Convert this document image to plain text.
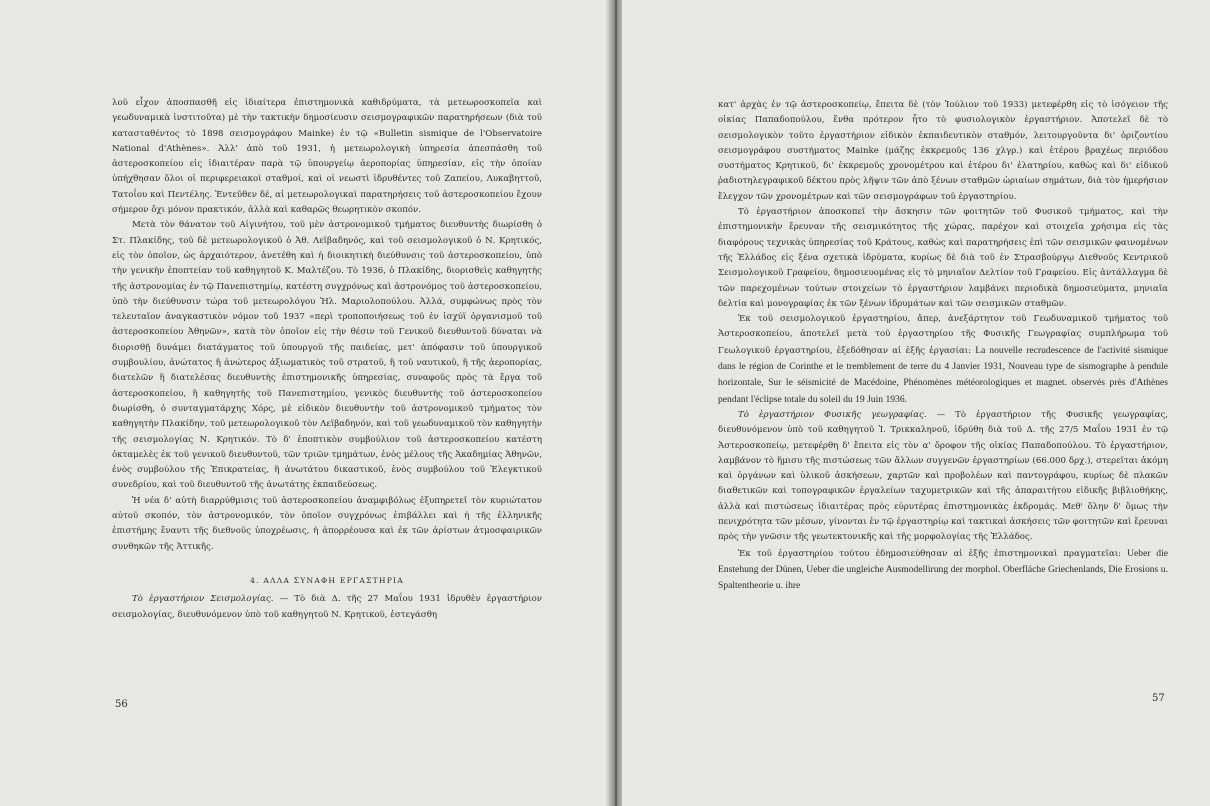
λοῦ εἶχον ἀποσπασθῆ εἰς ἰδιαίτερα ἐπιστημονικὰ καθιδρύματα, τὰ μετεωροσκοπεῖα καὶ γεωδυναμικὰ ἰνστιτοῦτα) μὲ τὴν τακτικὴν δημοσίευσιν σεισμογραφικῶν παρατηρήσεων (διὰ τοῦ κατασταθέντος τὸ 1898 σεισμογράφου Mainke) ἐν τῷ «Bulletin sismique de l'Observatoire National d'Athènes». Ἀλλ' ἀπὸ τοῦ 1931, ἡ μετεωρολογικὴ ὑπηρεσία ἀπεσπάσθη τοῦ ἀστεροσκοπείου εἰς ἰδιαιτέραν παρὰ τῷ ὑπουργείῳ ἀεροπορίας ὑπηρεσίαν, εἰς τὴν ὁποίαν ὑπήχθησαν ὅλοι οἱ περιφερειακοὶ σταθμοί, καὶ οἱ νεωστὶ ἱδρυθέντες τοῦ Ζαπείου, Λυκαβηττοῦ, Τατοΐου καὶ Πεντέλης. Ἐντεῦθεν δέ, αἱ μετεωρολογικαὶ παρατηρήσεις τοῦ ἀστεροσκοπείου ἔχουν σήμερον ὄχι μόνον πρακτικόν, ἀλλὰ καὶ καθαρῶς θεωρητικὸν σκοπόν.

Μετὰ τὸν θάνατον τοῦ Αἰγινήτου, τοῦ μὲν ἀστρονομικοῦ τμήματος διευθυντὴς διωρίσθη ὁ Στ. Πλακίδης, τοῦ δὲ μετεωρολογικοῦ ὁ Ἀθ. Λεϊβαδηνός, καὶ τοῦ σεισμολογικοῦ ὁ Ν. Κρητικός, εἰς τὸν ὁποῖον, ὡς ἀρχαιότερον, ἀνετέθη καὶ ἡ διοικητικὴ διεύθυνσις τοῦ ἀστεροσκοπείου, ὑπὸ τὴν γενικὴν ἐποπτείαν τοῦ καθηγητοῦ Κ. Μαλτέζου. Τὸ 1936, ὁ Πλακίδης, διορισθεὶς καθηγητὴς τῆς ἀστρονομίας ἐν τῷ Πανεπιστημίῳ, κατέστη συγχρόνως καὶ ἀστρονόμος τοῦ ἀστεροσκοπείου, ὑπὸ τὴν διεύθυνσιν τώρα τοῦ μετεωρολόγου Ἠλ. Μαριολοπούλου. Ἀλλά, συμφώνως πρὸς τὸν τελευταῖον ἀναγκαστικὸν νόμον τοῦ 1937 «περὶ τροποποιήσεως τοῦ ἐν ἰσχύϊ ὀργανισμοῦ τοῦ ἀστεροσκοπείου Ἀθηνῶν», κατὰ τὸν ὁποῖον εἰς τὴν θέσιν τοῦ Γενικοῦ διευθυντοῦ δύναται νὰ διορισθῇ δυνάμει διατάγματος τοῦ ὑπουργοῦ τῆς παιδείας, μετ' ἀπόφασιν τοῦ ὑπουργικοῦ συμβουλίου, ἀνώτατος ἢ ἀνώτερος ἀξιωματικὸς τοῦ στρατοῦ, ἢ τοῦ ναυτικοῦ, ἢ τῆς ἀεροπορίας, διατελῶν ἢ διατελέσας διευθυντὴς ἐπιστημονικῆς ὑπηρεσίας, συναφοῦς πρὸς τὰ ἔργα τοῦ ἀστεροσκοπείου, ἢ καθηγητὴς τοῦ Πανεπιστημίου, γενικὸς διευθυντὴς τοῦ ἀστεροσκοπείου διωρίσθη, ὁ συνταγματάρχης Χόρς, μὲ εἰδικὸν διευθυντὴν τοῦ ἀστρονομικοῦ τμήματος τὸν καθηγητὴν Πλακίδην, τοῦ μετεωρολογικοῦ τὸν Λεϊβαδηνόν, καὶ τοῦ γεωδυναμικοῦ τὸν καθηγητὴν τῆς σεισμολογίας Ν. Κρητικόν. Τὸ δ' ἐποπτικὸν συμβούλιον τοῦ ἀστεροσκοπείου κατέστη ὀκταμελὲς ἐκ τοῦ γενικοῦ διευθυντοῦ, τῶν τριῶν τμημάτων, ἑνὸς μέλους τῆς Ἀκαδημίας Ἀθηνῶν, ἑνὸς συμβούλου τῆς Ἐπικρατείας, ἢ ἀνωτάτου δικαστικοῦ, ἑνὸς συμβούλου τοῦ Ἐλεγκτικοῦ συνεδρίου, καὶ τοῦ διευθυντοῦ τῆς ἀνωτάτης ἐκπαιδεύσεως.

Ἡ νέα δ' αὐτὴ διαρρύθμισις τοῦ ἀστεροσκοπείου ἀναμφιβόλως ἐξυπηρετεῖ τὸν κυριώτατον αὐτοῦ σκοπόν, τὸν ἀστρονομικόν, τὸν ὁποῖον συγχρόνως ἐπιβάλλει καὶ ἡ τῆς ἑλληνικῆς ἐπιστήμης ἔναντι τῆς διεθνοῦς ὑποχρέωσις, ἡ ἀπορρέουσα καὶ ἐκ τῶν ἀρίστων ἀτμοσφαιρικῶν συνθηκῶν τῆς Ἀττικῆς.

4. ΑΛΛΑ ΣΥΝΑΦΗ ΕΡΓΑΣΤΗΡΙΑ

Τὸ ἐργαστήριον Σεισμολογίας. — Τὸ διὰ Δ. τῆς 27 Μαΐου 1931 ἱδρυθὲν ἐργαστήριον σεισμολογίας, διευθυνόμενον ὑπὸ τοῦ καθηγητοῦ Ν. Κρητικοῦ, ἐστεγάσθη

56

κατ' ἀρχὰς ἐν τῷ ἀστεροσκοπείῳ, ἔπειτα δὲ (τὸν Ἰούλιον τοῦ 1933) μετεφέρθη εἰς τὸ ἰσόγειον τῆς οἰκίας Παπαδοπούλου, ἔνθα πρότερον ἦτο τὸ φυσιολογικὸν ἐργαστήριον. Ἀποτελεῖ δὲ τὸ σεισμολογικὸν τοῦτο ἐργαστήριον εἰδικὸν ἐκπαιδευτικὸν σταθμόν, λειτουργοῦντα δι' ὁριζοντίου σεισμογράφου συστήματος Mainke (μάζης ἐκκρεμοῦς 136 χλγρ.) καὶ ἑτέρου βραχέως περιόδου συστήματος Κρητικοῦ, δι' ἐκκρεμοῦς χρονομέτρου καὶ ἑτέρου δι' ἐλατηρίου, καθὼς καὶ δι' εἰδικοῦ ῥαδιοτηλεγραφικοῦ δέκτου πρὸς λῆψιν τῶν ἀπὸ ξένων σταθμῶν ὡριαίων σημάτων, διὰ τὸν ἡμερήσιον ἔλεγχον τῶν χρονομέτρων καὶ τῶν σεισμογράφων τοῦ ἐργαστηρίου.

Τὸ ἐργαστήριον ἀποσκοπεῖ τὴν ἄσκησιν τῶν φοιτητῶν τοῦ Φυσικοῦ τμήματος, καὶ τὴν ἐπιστημονικὴν ἔρευναν τῆς σεισμικότητος τῆς χώρας, παρέχον καὶ στοιχεῖα χρήσιμα εἰς τὰς διαφόρους τεχνικὰς ὑπηρεσίας τοῦ Κράτους, καθὼς καὶ παρατηρήσεις ἐπὶ τῶν σεισμικῶν φαινομένων τῆς Ἑλλάδος εἰς ξένα σχετικὰ ἱδρύματα, κυρίως δὲ διὰ τοῦ ἐν Στρασβούργῳ Διεθνοῦς Κεντρικοῦ Σεισμολογικοῦ Γραφείου, δημοσιευομένας εἰς τὸ μηνιαῖον Δελτίον τοῦ Γραφείου. Εἰς ἀντάλλαγμα δὲ τῶν παρεχομένων τούτων στοιχείων τὸ ἐργαστήριον λαμβάνει περιοδικὰ δημοσιεύματα, μηνιαῖα δελτία καὶ μονογραφίας ἐκ τῶν ξένων ἱδρυμάτων καὶ τῶν σεισμικῶν σταθμῶν.

Ἐκ τοῦ σεισμολογικοῦ ἐργαστηρίου, ἄπερ, ἀνεξάρτητον τοῦ Γεωδυναμικοῦ τμήματος τοῦ Ἀστεροσκοπείου, ἀποτελεῖ μετὰ τοῦ ἐργαστηρίου τῆς Φυσικῆς Γεωγραφίας συμπλήρωμα τοῦ Γεωλογικοῦ ἐργαστηρίου, ἐξεδόθησαν αἱ ἑξῆς ἐργασίαι: La nouvelle recrudescence de l'activité sismique dans le région de Corinthe et le tremblement de terre du 4 Janvier 1931, Nouveau type de sismographe à pendule horizontale, Sur le séismicité de Macédoine, Phénomènes météorologiques et magnet. observés près d'Athènes pendant l'éclipse totale du soleil du 19 Juin 1936.

Τὸ ἐργαστήριον Φυσικῆς γεωγραφίας. — Τὸ ἐργαστήριον τῆς Φυσικῆς γεωγραφίας, διευθυνόμενον ὑπὸ τοῦ καθηγητοῦ Ἰ. Τρικκαληνοῦ, ἱδρύθη διὰ τοῦ Δ. τῆς 27/5 Μαΐου 1931 ἐν τῷ Ἀστεροσκοπείῳ, μετεφέρθη δ' ἔπειτα εἰς τὸν α' ὄροφον τῆς οἰκίας Παπαδοπούλου. Τὸ ἐργαστήριον, λαμβάνον τὸ ἥμισυ τῆς πιστώσεως τῶν ἄλλων συγγενῶν ἐργαστηρίων (66.000 δρχ.), στερεῖται ἀκόμη καὶ ὀργάνων καὶ ὑλικοῦ ἀσκήσεων, χαρτῶν καὶ προβολέων καὶ παντογράφου, κυρίως δὲ πλακῶν διαθετικῶν καὶ τοπογραφικῶν ἐργαλείων ταχυμετρικῶν καὶ τῆς ἀπαραιτήτου εἰδικῆς βιβλιοθήκης, ἀλλὰ καὶ πιστώσεως ἰδιαιτέρας πρὸς εὐρυτέρας ἐπιστημονικὰς ἐκδρομάς. Μεθ' ὅλην δ' ὅμως τὴν πενιχρότητα τῶν μέσων, γίνονται ἐν τῷ ἐργαστηρίῳ καὶ τακτικαὶ ἀσκήσεις τῶν φοιτητῶν καὶ ἔρευναι πρὸς τὴν γνῶσιν τῆς γεωτεκτονικῆς καὶ τῆς μορφολογίας τῆς Ἑλλάδος.

Ἐκ τοῦ ἐργαστηρίου τούτου ἐδημοσιεύθησαν αἱ ἑξῆς ἐπιστημονικαὶ πραγματεῖαι: Ueber die Enstehung der Dünen, Ueber die ungleiche Ausmodellirung der morphol. Oberfläche Griechenlands, Die Erosions u. Spaltentheorie u. ihre

57
